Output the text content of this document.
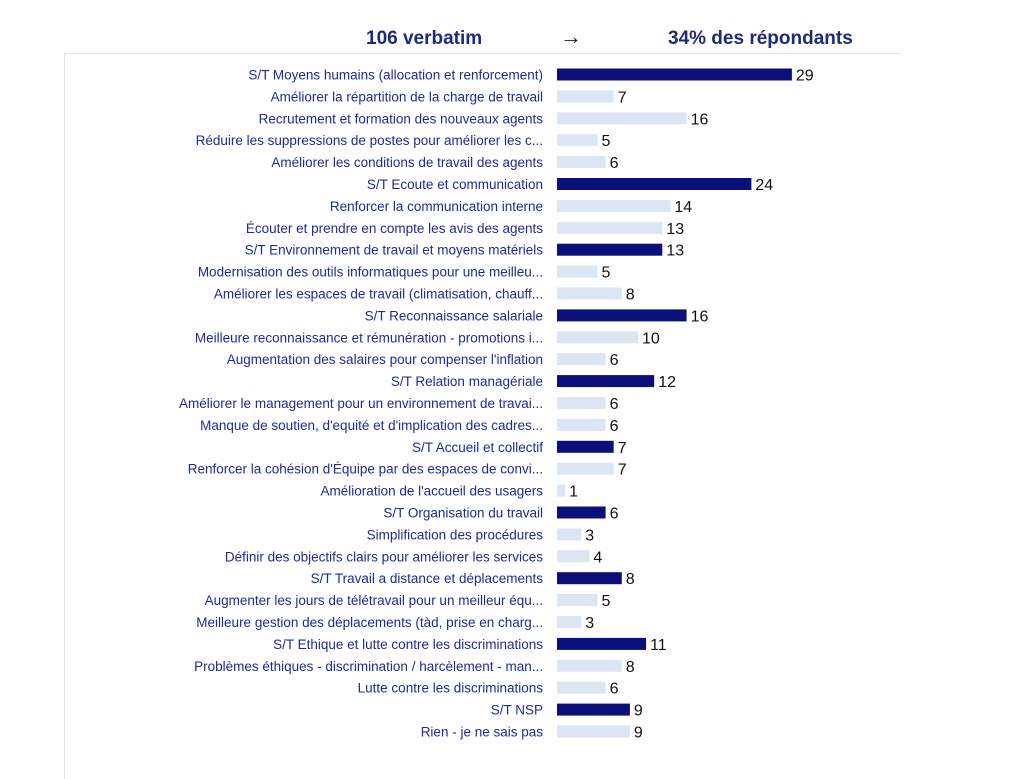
106 verbatim	→	34% des répondants
S/T Moyens humains (allocation et renforcement)	29
Améliorer la répartition de la charge de travail	7
Recrutement et formation des nouveaux agents	16
Réduire les suppressions de postes pour améliorer les c...	5
Améliorer les conditions de travail des agents	6
S/T Ecoute et communication	24
Renforcer la communication interne	14
Écouter et prendre en compte les avis des agents	13
S/T Environnement de travail et moyens matériels	13
Modernisation des outils informatiques pour une meilleu...	5
Améliorer les espaces de travail (climatisation, chauff...	8
S/T Reconnaissance salariale	16
Meilleure reconnaissance et rémunération - promotions i...	10
Augmentation des salaires pour compenser l'inflation	6
S/T Relation managériale	12
Améliorer le management pour un environnement de travai...	6
Manque de soutien, d'equité et d'implication des cadres...	6
S/T Accueil et collectif	7
Renforcer la cohésion d'Équipe par des espaces de convi...	7
Amélioration de l'accueil des usagers 1
S/T Organisation du travail	6
Simplification des procédures	3
Définir des objectifs clairs pour améliorer les services	4
S/T Travail a distance et déplacements	8
Augmenter les jours de télétravail pour un meilleur équ...	5
Meilleure gestion des déplacements (tàd, prise en charg...	3
S/T Ethique et lutte contre les discriminations	11
Problèmes éthiques - discrimination / harcèlement - man...	8
Lutte contre les discriminations	6
S/T NSP	9
Rien - je ne sais pas	9
